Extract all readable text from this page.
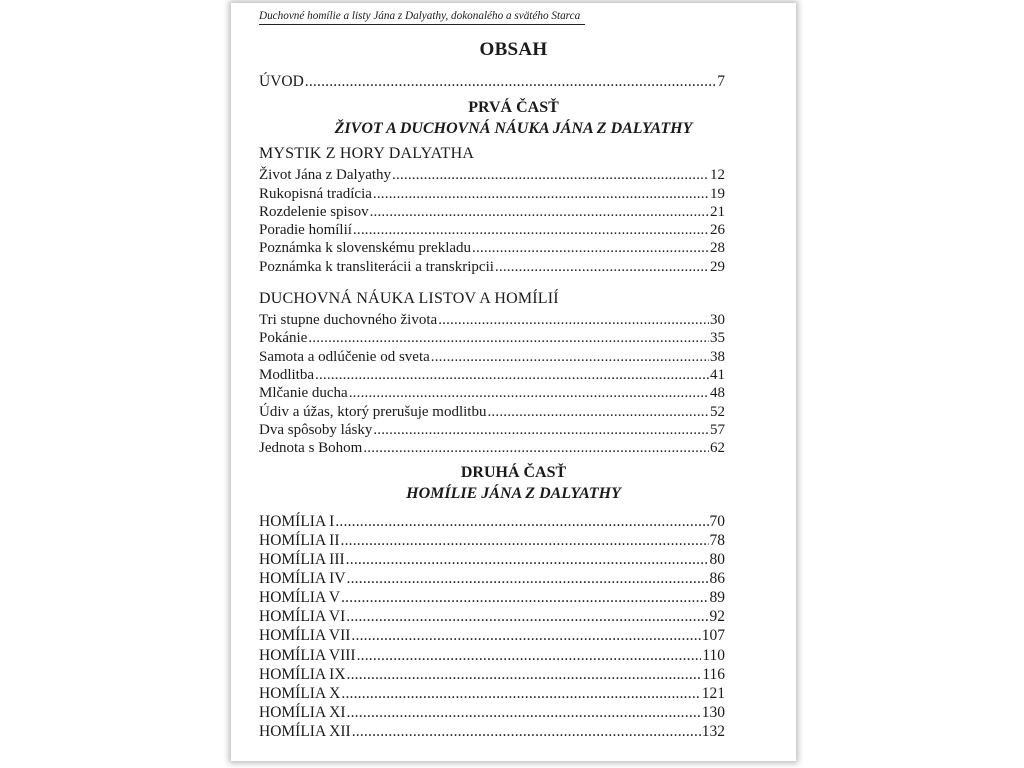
Duchovné homílie a listy Jána z Dalyathy, dokonalého a svätého Starca
OBSAH
ÚVOD .....	7
PRVÁ ČASŤ
ŽIVOT A DUCHOVNÁ NÁUKA JÁNA Z DALYATHY
MYSTIK Z HORY DALYATHA
Život Jána z Dalyathy .....	12
Rukopisná tradícia .....	19
Rozdelenie spisov .....	21
Poradie homílií .....	26
Poznámka k slovenskému prekladu .....	28
Poznámka k transliterácii a transkripcii .....	29
DUCHOVNÁ NÁUKA LISTOV A HOMÍLIÍ
Tri stupne duchovného života .....	30
Pokánie .....	35
Samota a odlúčenie od sveta .....	38
Modlitba .....	41
Mlčanie ducha .....	48
Údiv a úžas, ktorý prerušuje modlitbu .....	52
Dva spôsoby lásky .....	57
Jednota s Bohom .....	62
DRUHÁ ČASŤ
HOMÍLIE JÁNA Z DALYATHY
HOMÍLIA I .....	70
HOMÍLIA II .....	78
HOMÍLIA III .....	80
HOMÍLIA IV .....	86
HOMÍLIA V .....	89
HOMÍLIA VI .....	92
HOMÍLIA VII .....	107
HOMÍLIA VIII .....	110
HOMÍLIA IX .....	116
HOMÍLIA X .....	121
HOMÍLIA XI .....	130
HOMÍLIA XII .....	132
